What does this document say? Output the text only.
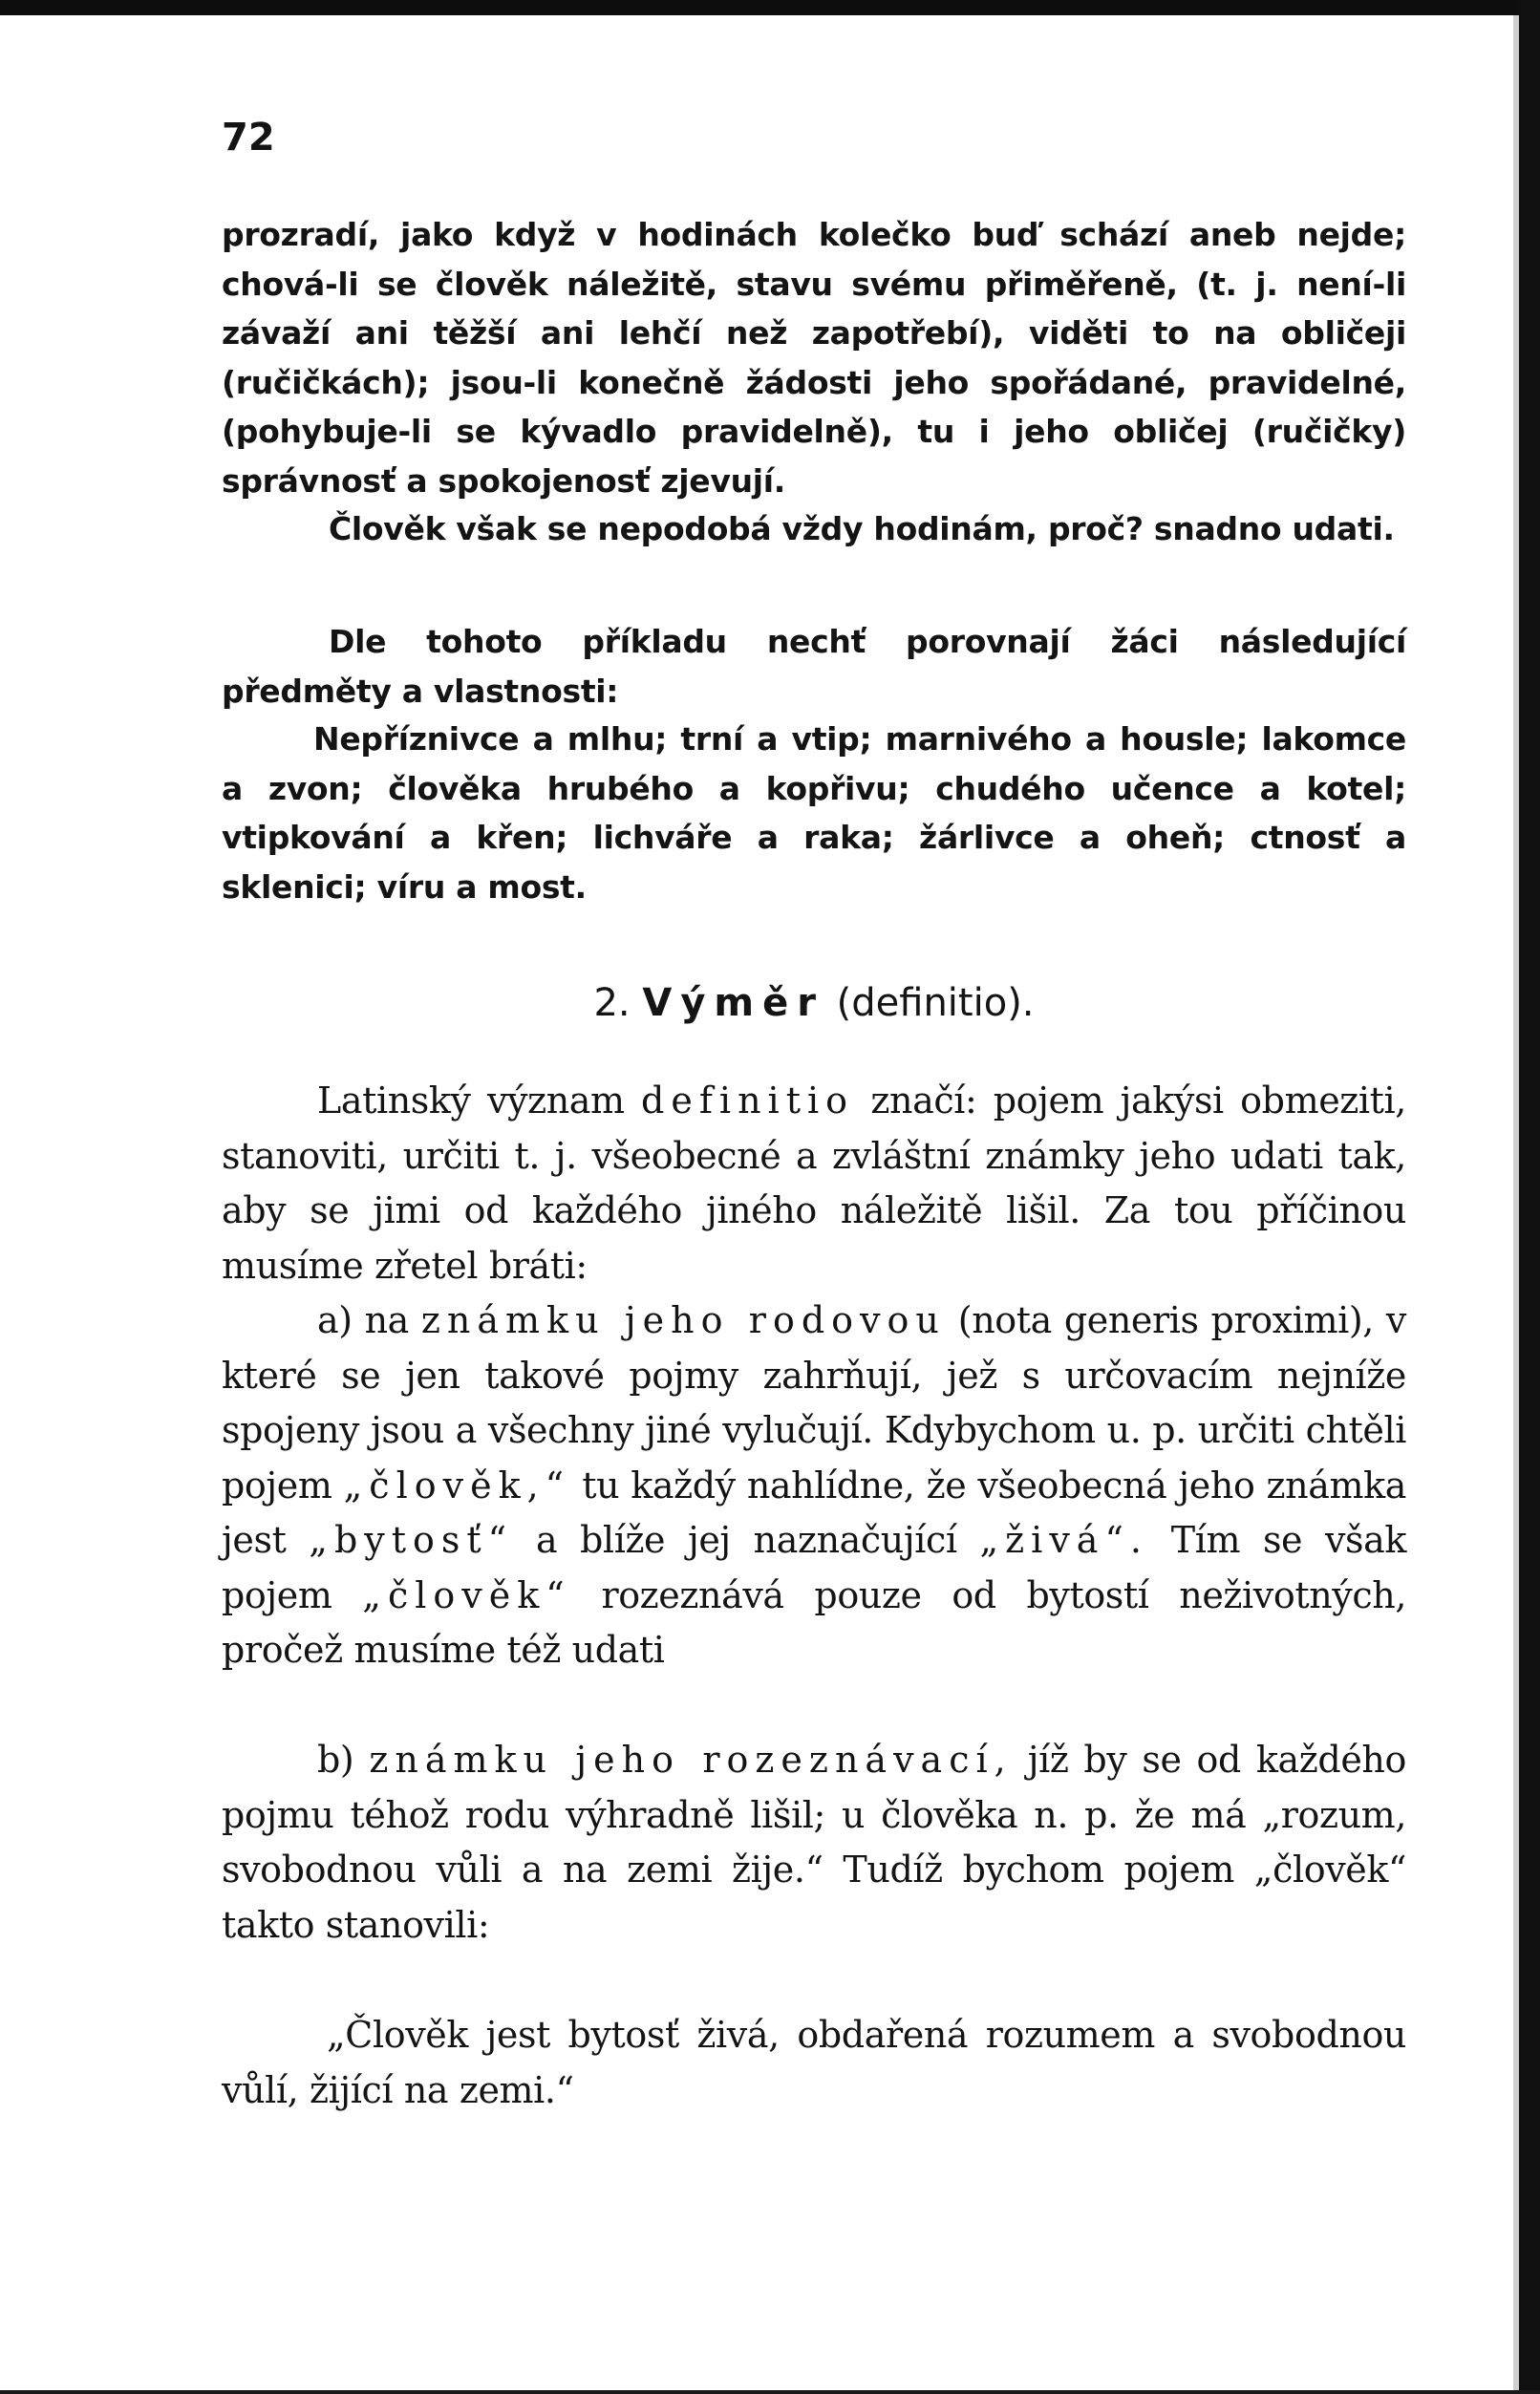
72

prozradí, jako když v hodinách kolečko buď schází aneb nejde; chová-li se člověk náležitě, stavu svému přiměřeně, (t. j. není-li závaží ani těžší ani lehčí než zapotřebí), viděti to na obličeji (ručičkách); jsou-li konečně žádosti jeho spořádané, pravidelné, (pohybuje-li se kývadlo pravidelně), tu i jeho obličej (ručičky) správnosť a spokojenosť zjevují.

Člověk však se nepodobá vždy hodinám, proč? snadno udati.

Dle tohoto příkladu nechť porovnají žáci následující předměty a vlastnosti:

Nepříznivce a mlhu; trní a vtip; marnivého a housle; lakomce a zvon; člověka hrubého a kopřivu; chudého učence a kotel; vtipkování a křen; lichváře a raka; žárlivce a oheň; ctnosť a sklenici; víru a most.

2. Výměr (definitio).

Latinský význam definitio značí: pojem jakýsi obmeziti, stanoviti, určiti t. j. všeobecné a zvláštní známky jeho udati tak, aby se jimi od každého jiného náležitě lišil. Za tou příčinou musíme zřetel bráti:

a) na známku jeho rodovou (nota generis proximi), v které se jen takové pojmy zahrňují, jež s určovacím nejníže spojeny jsou a všechny jiné vylučují. Kdybychom u. p. určiti chtěli pojem „člověk,“ tu každý nahlídne, že všeobecná jeho známka jest „bytosť“ a blíže jej naznačující „živá“. Tím se však pojem „člověk“ rozeznává pouze od bytostí neživotných, pročež musíme též udati

b) známku jeho rozeznávací, jíž by se od každého pojmu téhož rodu výhradně lišil; u člověka n. p. že má „rozum, svobodnou vůli a na zemi žije.“ Tudíž bychom pojem „člověk“ takto stanovili:

„Člověk jest bytosť živá, obdařená rozumem a svobodnou vůlí, žijící na zemi.“
